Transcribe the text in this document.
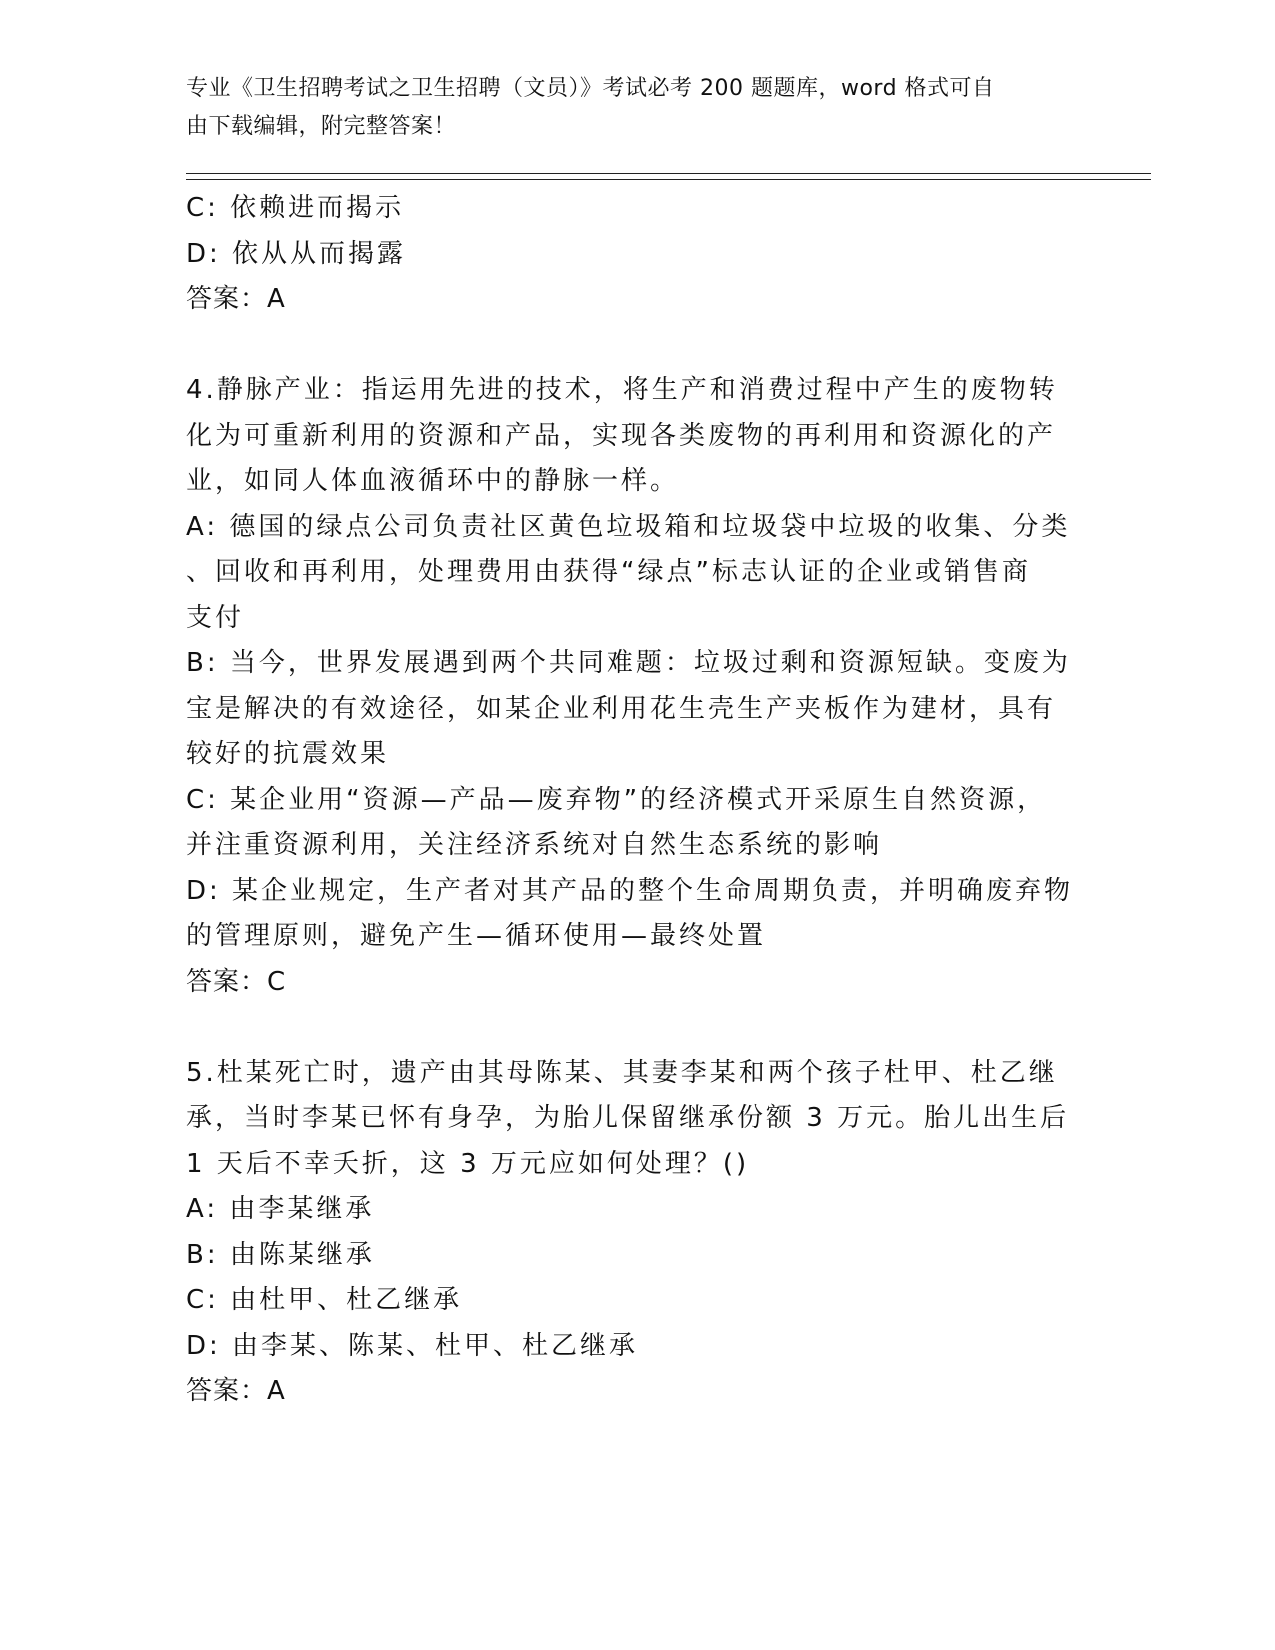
专业《卫生招聘考试之卫生招聘（文员）》考试必考 200 题题库，word 格式可自
由下载编辑，附完整答案！
C: 依赖进而揭示
D: 依从从而揭露
答案：A
4.静脉产业：指运用先进的技术，将生产和消费过程中产生的废物转
化为可重新利用的资源和产品，实现各类废物的再利用和资源化的产
业，如同人体血液循环中的静脉一样。
A: 德国的绿点公司负责社区黄色垃圾箱和垃圾袋中垃圾的收集、分类
、回收和再利用，处理费用由获得“绿点”标志认证的企业或销售商
支付
B: 当今，世界发展遇到两个共同难题：垃圾过剩和资源短缺。变废为
宝是解决的有效途径，如某企业利用花生壳生产夹板作为建材，具有
较好的抗震效果
C: 某企业用“资源—产品—废弃物”的经济模式开采原生自然资源，
并注重资源利用，关注经济系统对自然生态系统的影响
D: 某企业规定，生产者对其产品的整个生命周期负责，并明确废弃物
的管理原则，避免产生—循环使用—最终处置
答案：C
5.杜某死亡时，遗产由其母陈某、其妻李某和两个孩子杜甲、杜乙继
承，当时李某已怀有身孕，为胎儿保留继承份额 3 万元。胎儿出生后
1 天后不幸夭折，这 3 万元应如何处理？()
A: 由李某继承
B: 由陈某继承
C: 由杜甲、杜乙继承
D: 由李某、陈某、杜甲、杜乙继承
答案：A
